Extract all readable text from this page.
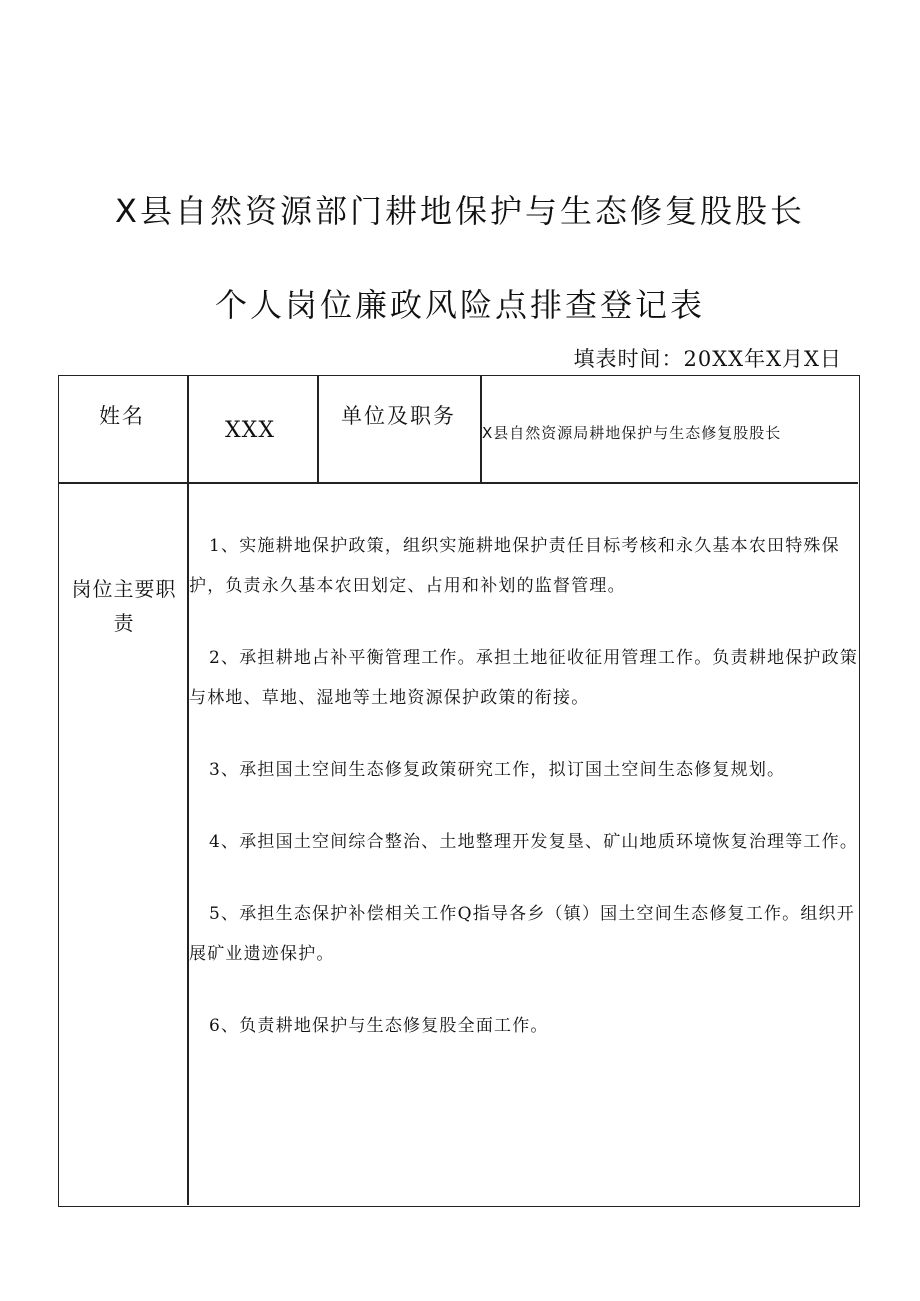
X县自然资源部门耕地保护与生态修复股股长
个人岗位廉政风险点排查登记表
填表时间：20XX年X月X日
姓名
XXX
单位及职务
X县自然资源局耕地保护与生态修复股股长
岗位主要职责

1、实施耕地保护政策，组织实施耕地保护责任目标考核和永久基本农田特殊保护，负责永久基本农田划定、占用和补划的监督管理。

2、承担耕地占补平衡管理工作。承担土地征收征用管理工作。负责耕地保护政策与林地、草地、湿地等土地资源保护政策的衔接。

3、承担国土空间生态修复政策研究工作，拟订国土空间生态修复规划。

4、承担国土空间综合整治、土地整理开发复垦、矿山地质环境恢复治理等工作。

5、承担生态保护补偿相关工作Q指导各乡（镇）国土空间生态修复工作。组织开展矿业遗迹保护。

6、负责耕地保护与生态修复股全面工作。
